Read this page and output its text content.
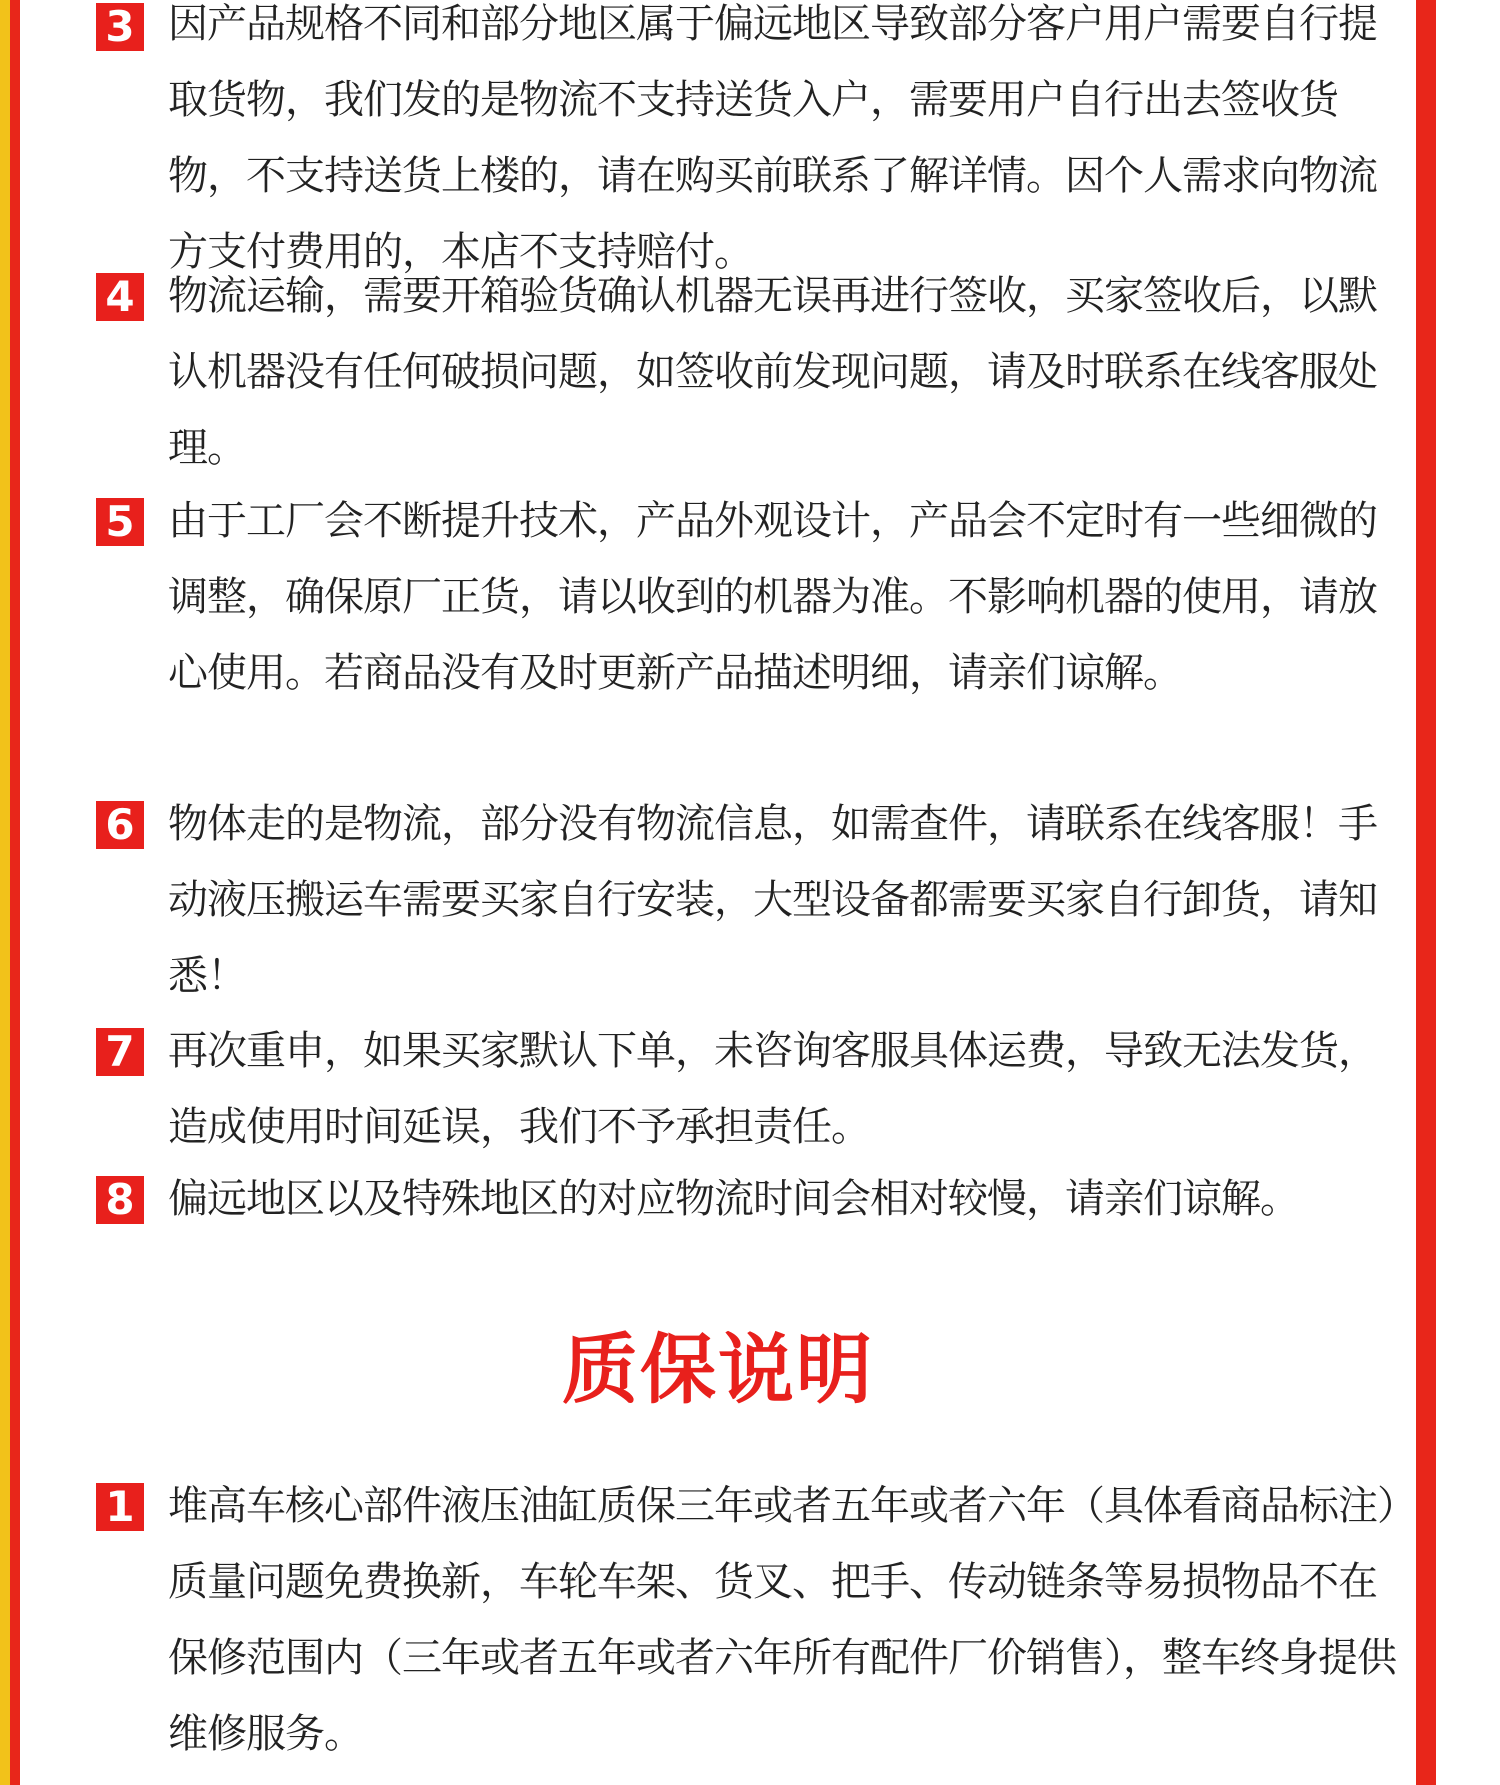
3 因产品规格不同和部分地区属于偏远地区导致部分客户用户需要自行提取货物，我们发的是物流不支持送货入户，需要用户自行出去签收货物，不支持送货上楼的，请在购买前联系了解详情。因个人需求向物流方支付费用的，本店不支持赔付。
4 物流运输，需要开箱验货确认机器无误再进行签收，买家签收后，以默认机器没有任何破损问题，如签收前发现问题，请及时联系在线客服处理。
5 由于工厂会不断提升技术，产品外观设计，产品会不定时有一些细微的调整，确保原厂正货，请以收到的机器为准。不影响机器的使用，请放心使用。若商品没有及时更新产品描述明细，请亲们谅解。
6 物体走的是物流，部分没有物流信息，如需查件，请联系在线客服！手动液压搬运车需要买家自行安装，大型设备都需要买家自行卸货，请知悉！
7 再次重申，如果买家默认下单，未咨询客服具体运费，导致无法发货，造成使用时间延误，我们不予承担责任。
8 偏远地区以及特殊地区的对应物流时间会相对较慢，请亲们谅解。
质保说明
1 堆高车核心部件液压油缸质保三年或者五年或者六年（具体看商品标注）质量问题免费换新，车轮车架、货叉、把手、传动链条等易损物品不在保修范围内（三年或者五年或者六年所有配件厂价销售），整车终身提供维修服务。
